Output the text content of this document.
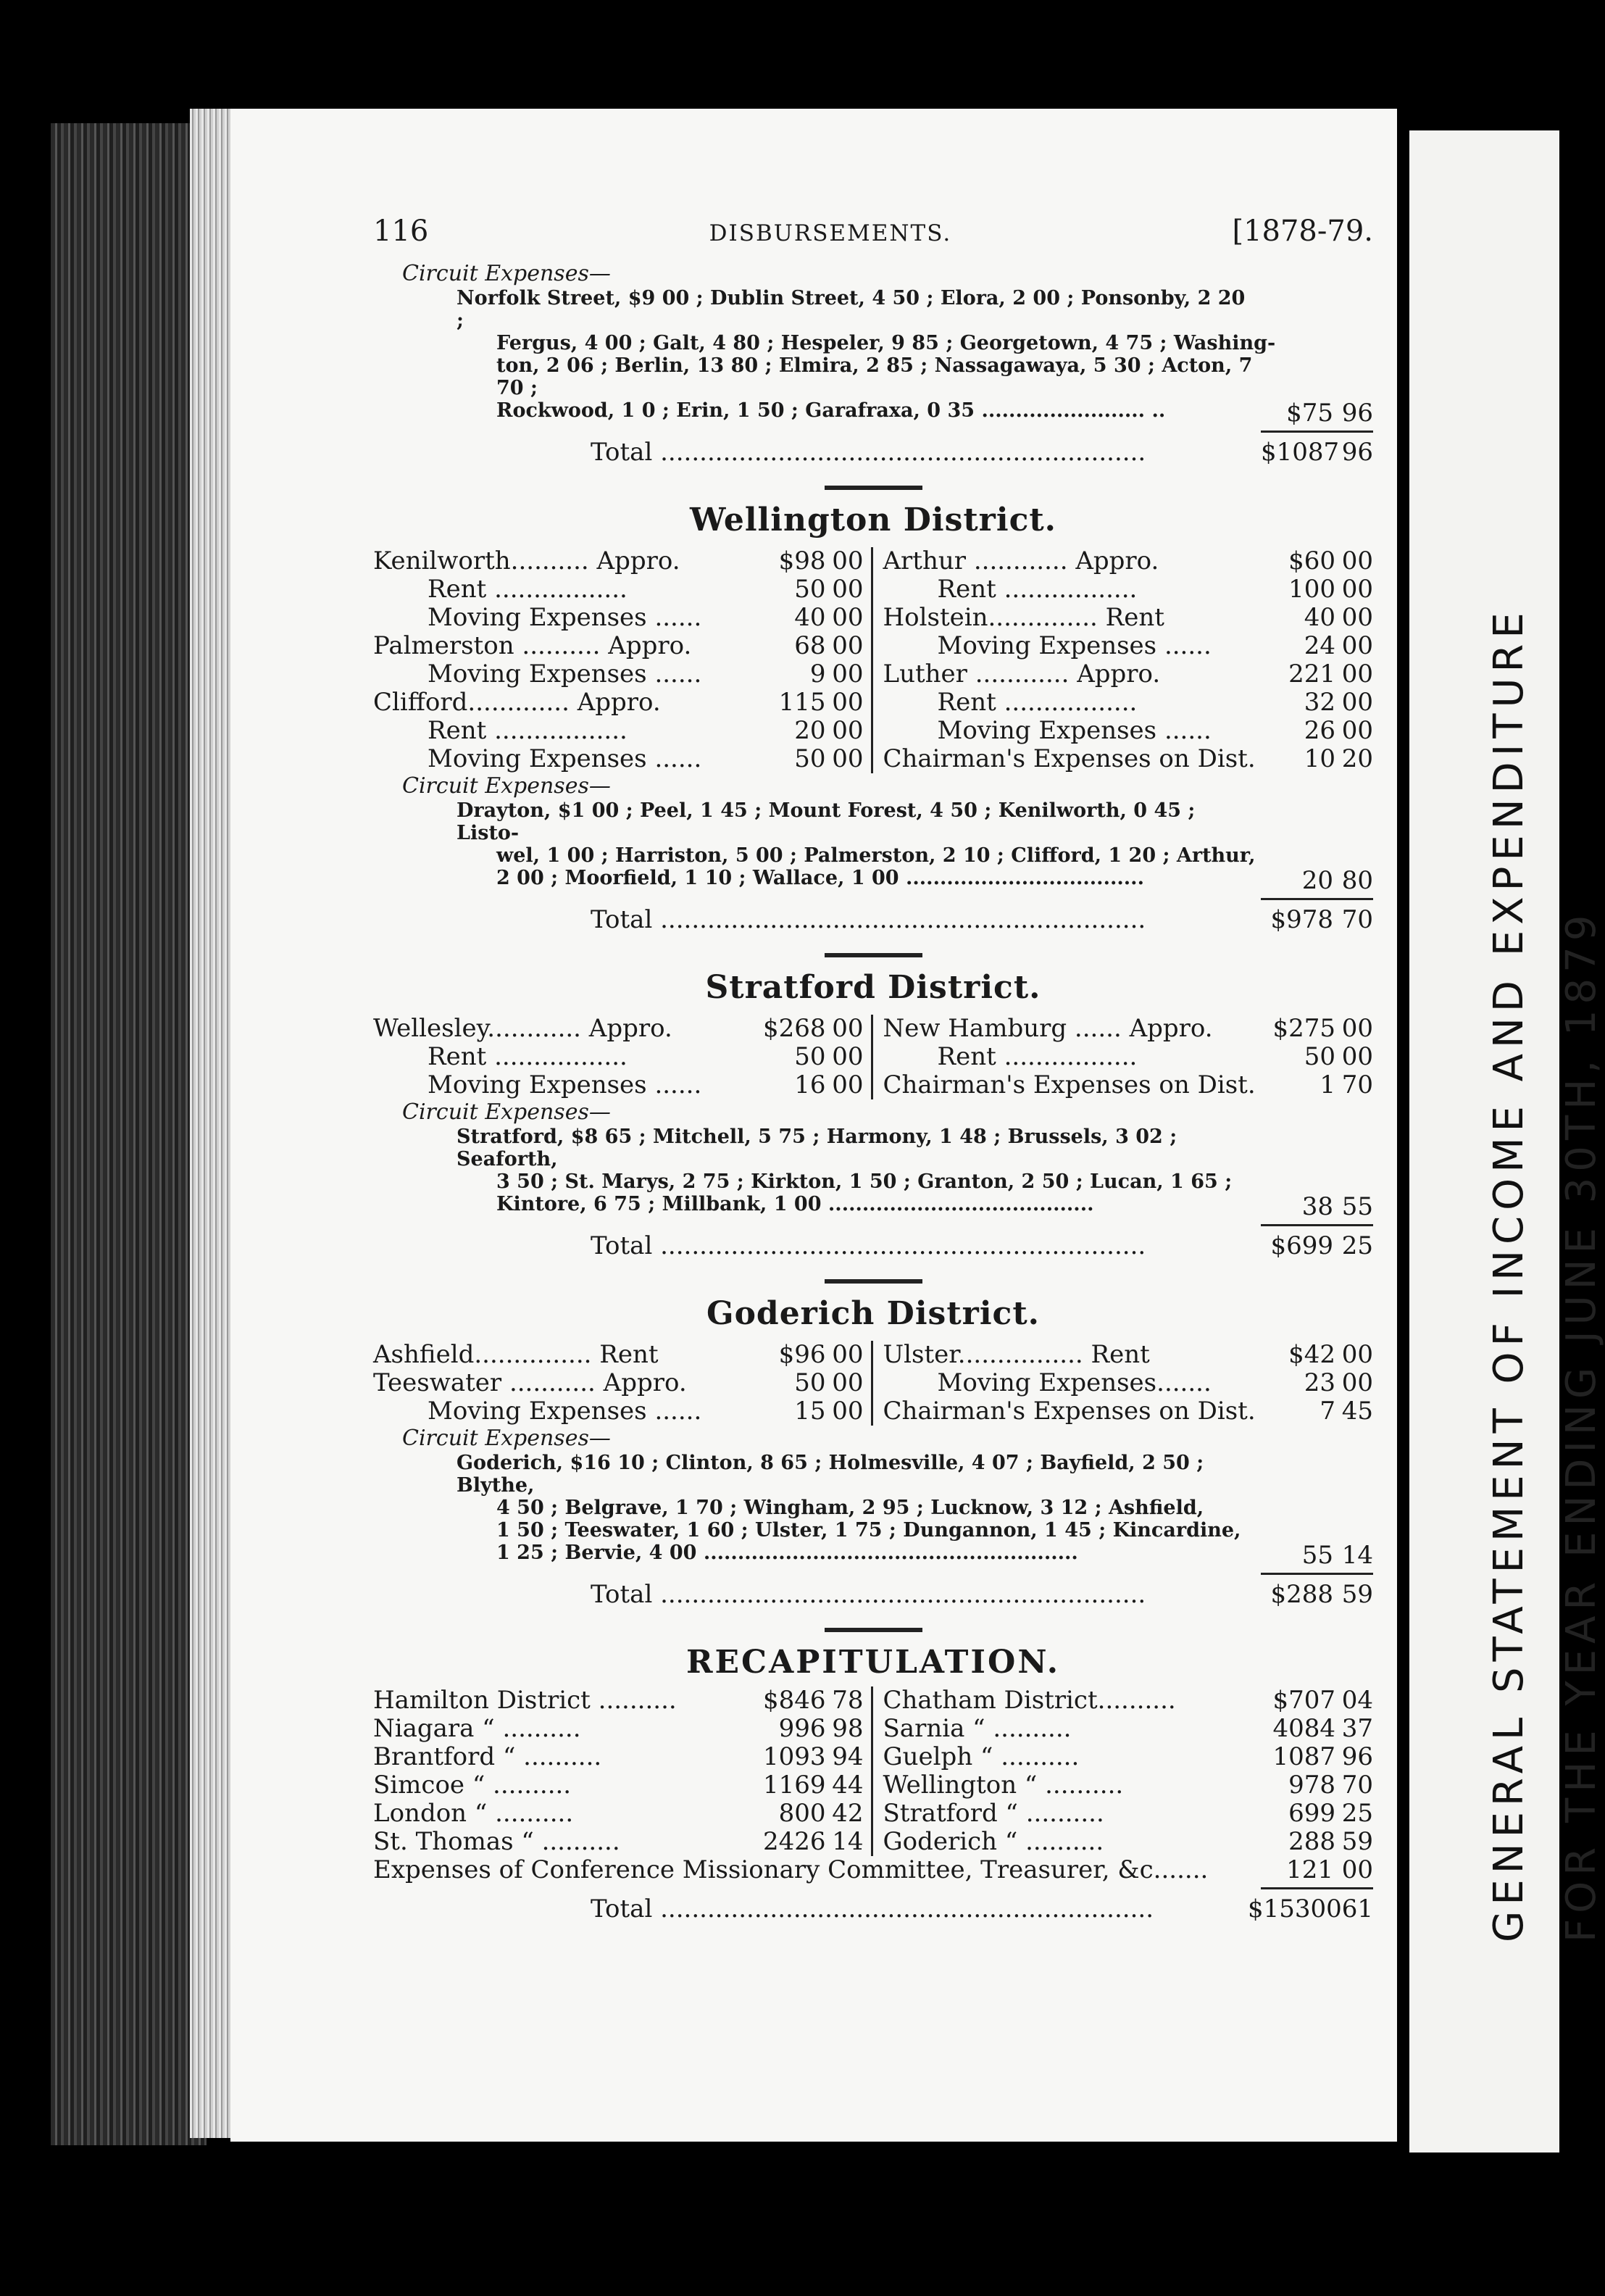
GENERAL STATEMENT OF INCOME AND EXPENDITURE FOR THE YEAR ENDING JUNE 30TH, 1879
116	DISBURSEMENTS.	[1878-79.
Circuit Expenses—
Norfolk Street, $9 00 ; Dublin Street, 4 50 ; Elora, 2 00 ; Ponsonby, 2 20 ;
Fergus, 4 00 ; Galt, 4 80 ; Hespeler, 9 85 ; Georgetown, 4 75 ; Washing-
ton, 2 06 ; Berlin, 13 80 ; Elmira, 2 85 ; Nassagawaya, 5 30 ; Acton, 7 70 ;
Rockwood, 1 0 ; Erin, 1 50 ; Garafraxa, 0 35 ........................ ..	$75 96
Total ..............................................................	$1087 96
Wellington District.
Kenilworth.......... Appro.	$98 00
Rent .................	50 00
Moving Expenses ......	40 00
Palmerston .......... Appro.	68 00
Moving Expenses ......	9 00
Clifford............. Appro.	115 00
Rent .................	20 00
Moving Expenses ......	50 00
Arthur ............ Appro.	$60 00
Rent .................	100 00
Holstein.............. Rent	40 00
Moving Expenses ......	24 00
Luther ............ Appro.	221 00
Rent .................	32 00
Moving Expenses ......	26 00
Chairman's Expenses on Dist.	10 20
Circuit Expenses—
Drayton, $1 00 ; Peel, 1 45 ; Mount Forest, 4 50 ; Kenilworth, 0 45 ; Listo-
wel, 1 00 ; Harriston, 5 00 ; Palmerston, 2 10 ; Clifford, 1 20 ; Arthur,
2 00 ; Moorfield, 1 10 ; Wallace, 1 00 ...................................	20 80
Total ..............................................................	$978 70
Stratford District.
Wellesley............ Appro.	$268 00
Rent .................	50 00
Moving Expenses ......	16 00
New Hamburg ...... Appro.	$275 00
Rent .................	50 00
Chairman's Expenses on Dist.	1 70
Circuit Expenses—
Stratford, $8 65 ; Mitchell, 5 75 ; Harmony, 1 48 ; Brussels, 3 02 ; Seaforth,
3 50 ; St. Marys, 2 75 ; Kirkton, 1 50 ; Granton, 2 50 ; Lucan, 1 65 ;
Kintore, 6 75 ; Millbank, 1 00 .......................................	38 55
Total ..............................................................	$699 25
Goderich District.
Ashfield............... Rent	$96 00
Teeswater ........... Appro.	50 00
Moving Expenses ......	15 00
Ulster................ Rent	$42 00
Moving Expenses.......	23 00
Chairman's Expenses on Dist.	7 45
Circuit Expenses—
Goderich, $16 10 ; Clinton, 8 65 ; Holmesville, 4 07 ; Bayfield, 2 50 ; Blythe,
4 50 ; Belgrave, 1 70 ; Wingham, 2 95 ; Lucknow, 3 12 ; Ashfield,
1 50 ; Teeswater, 1 60 ; Ulster, 1 75 ; Dungannon, 1 45 ; Kincardine,
1 25 ; Bervie, 4 00 .......................................................	55 14
Total ..............................................................	$288 59
RECAPITULATION.
Hamilton District ..........	$846 78
Niagara “ ..........	996 98
Brantford “ ..........	1093 94
Simcoe “ ..........	1169 44
London “ ..........	800 42
St. Thomas “ ..........	2426 14
Chatham District..........	$707 04
Sarnia “ ..........	4084 37
Guelph “ ..........	1087 96
Wellington “ ..........	978 70
Stratford “ ..........	699 25
Goderich “ ..........	288 59
Expenses of Conference Missionary Committee, Treasurer, &c.......	121 00
Total ...............................................................	$15300 61
